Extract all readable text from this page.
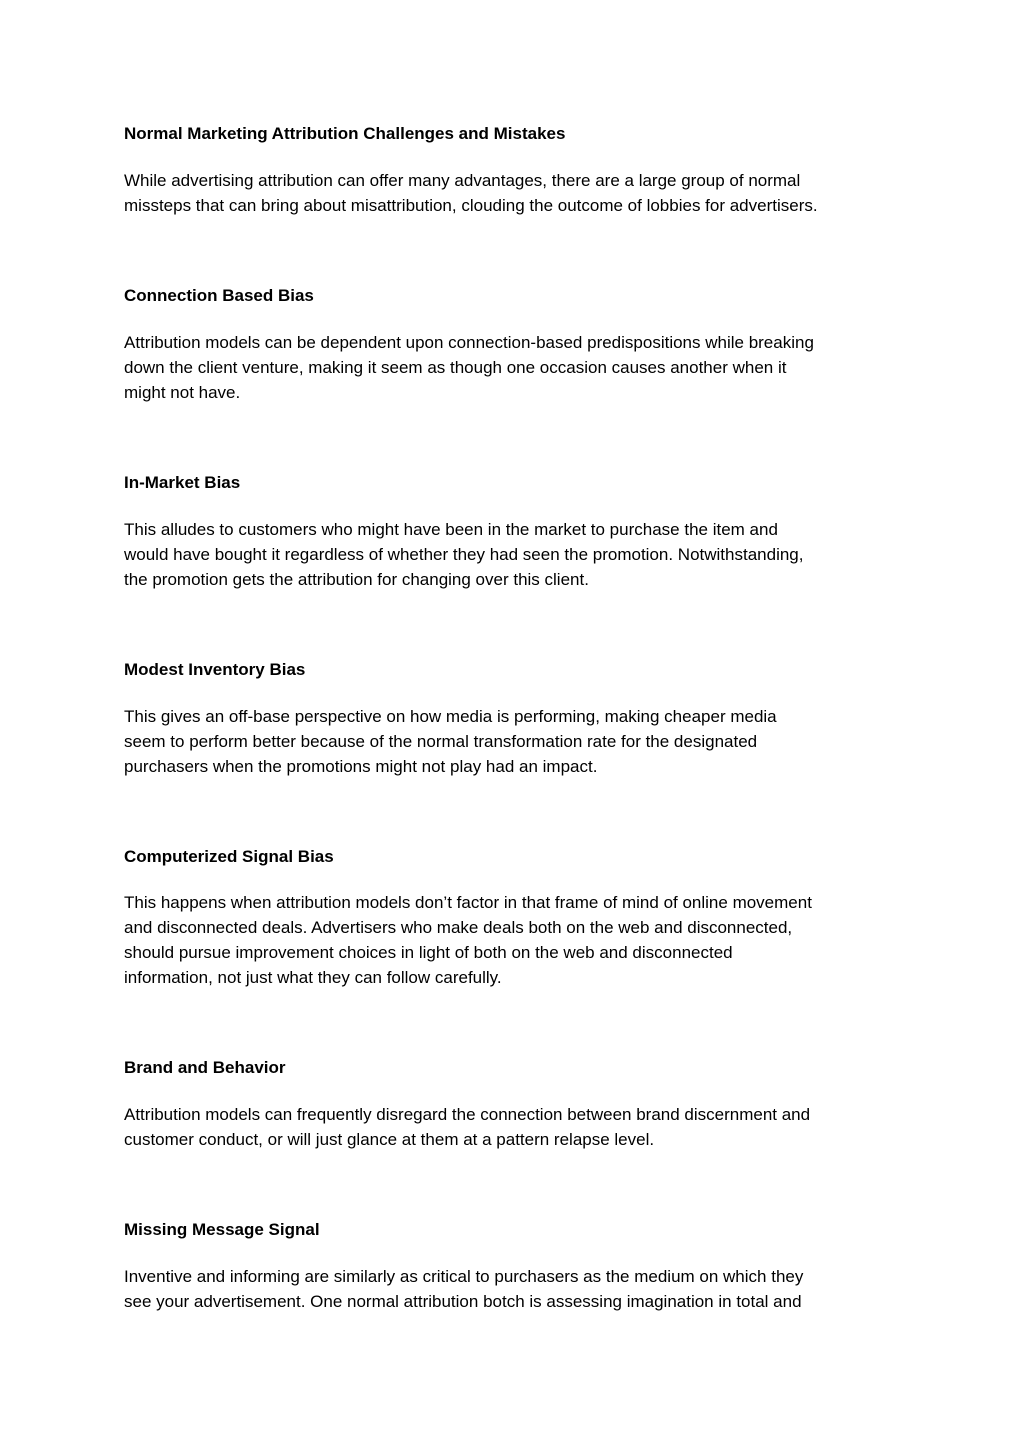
Normal Marketing Attribution Challenges and Mistakes

While advertising attribution can offer many advantages, there are a large group of normal
missteps that can bring about misattribution, clouding the outcome of lobbies for advertisers.

Connection Based Bias

Attribution models can be dependent upon connection-based predispositions while breaking
down the client venture, making it seem as though one occasion causes another when it
might not have.

In-Market Bias

This alludes to customers who might have been in the market to purchase the item and
would have bought it regardless of whether they had seen the promotion. Notwithstanding,
the promotion gets the attribution for changing over this client.

Modest Inventory Bias

This gives an off-base perspective on how media is performing, making cheaper media
seem to perform better because of the normal transformation rate for the designated
purchasers when the promotions might not play had an impact.

Computerized Signal Bias

This happens when attribution models don’t factor in that frame of mind of online movement
and disconnected deals. Advertisers who make deals both on the web and disconnected,
should pursue improvement choices in light of both on the web and disconnected
information, not just what they can follow carefully.

Brand and Behavior

Attribution models can frequently disregard the connection between brand discernment and
customer conduct, or will just glance at them at a pattern relapse level.

Missing Message Signal

Inventive and informing are similarly as critical to purchasers as the medium on which they
see your advertisement. One normal attribution botch is assessing imagination in total and
